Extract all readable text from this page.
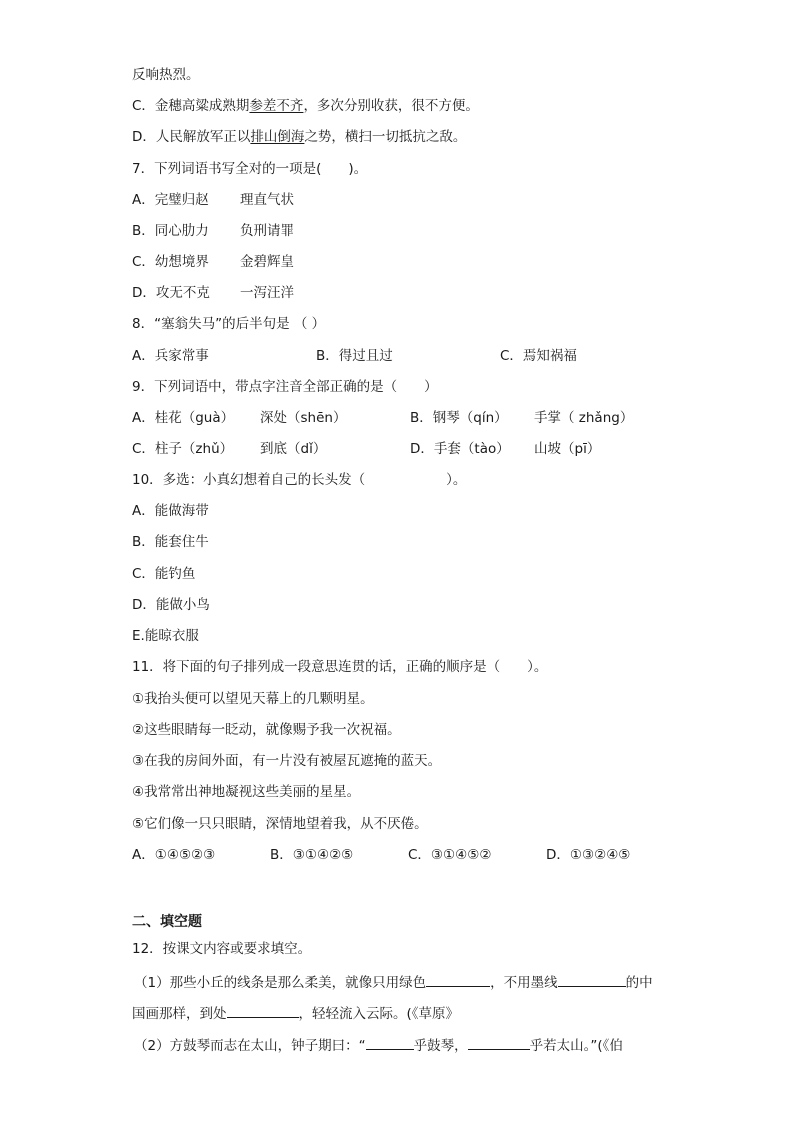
反响热烈。
C．金穗高粱成熟期参差不齐，多次分别收获，很不方便。
D．人民解放军正以排山倒海之势，横扫一切抵抗之敌。
7．下列词语书写全对的一项是(　　)。
A．完璧归赵 理直气状
B．同心肋力 负刑请罪
C．幼想境界 金碧辉皇
D．攻无不克 一泻汪洋
8．“塞翁失马”的后半句是 （ ）
A．兵家常事	B．得过且过	C．焉知祸福
9．下列词语中，带点字注音全部正确的是（　　）
A．桂花（guà） 深处（shēn）	B．钢琴（qín） 手掌（ zhǎng）
C．柱子（zhǔ） 到底（dǐ）	D．手套（tào） 山坡（pī）
10．多选：小真幻想着自己的长头发（　　　　　　）。
A．能做海带
B．能套住牛
C．能钓鱼
D．能做小鸟
E.能晾衣服
11．将下面的句子排列成一段意思连贯的话，正确的顺序是（　　）。
①我抬头便可以望见天幕上的几颗明星。
②这些眼睛每一眨动，就像赐予我一次祝福。
③在我的房间外面，有一片没有被屋瓦遮掩的蓝天。
④我常常出神地凝视这些美丽的星星。
⑤它们像一只只眼睛，深情地望着我，从不厌倦。
A．①④⑤②③	B．③①④②⑤	C．③①④⑤②	D．①③②④⑤
二、填空题
12．按课文内容或要求填空。
（1）那些小丘的线条是那么柔美，就像只用绿色	，不用墨线	的中
国画那样，到处	，轻轻流入云际。(《草原》
（2）方鼓琴而志在太山，钟子期曰：“	乎鼓琴，	乎若太山。”(《伯
